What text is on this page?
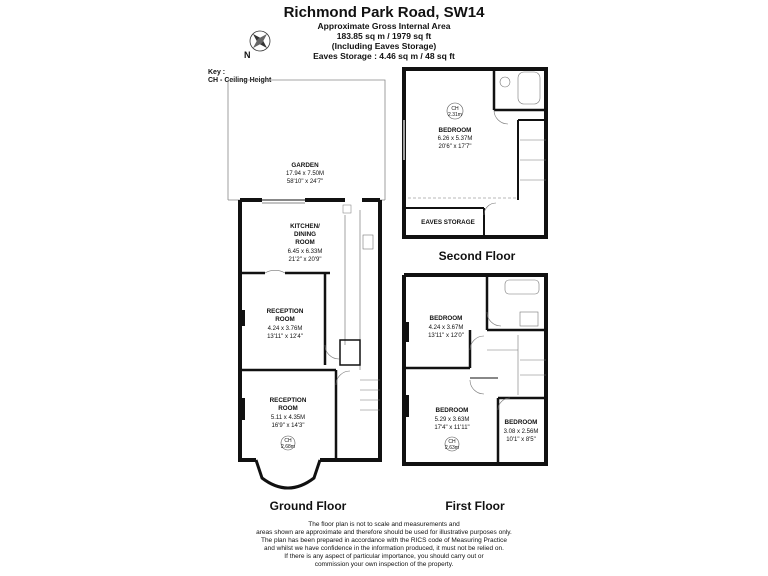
Richmond Park Road, SW14
Approximate Gross Internal Area
183.85 sq m / 1979 sq ft
(Including Eaves Storage)
Eaves Storage : 4.46 sq m / 48 sq ft
Key :
CH - Ceiling Height
N
GARDEN
17.94 x 7.50M
58'10" x 24'7"
KITCHEN/
DINING
ROOM
6.45 x 6.33M
21'2" x 20'9"
RECEPTION
ROOM
4.24 x 3.76M
13'11" x 12'4"
RECEPTION
ROOM
5.11 x 4.35M
16'9" x 14'3"
CH
2.68m
CH
2.31m
BEDROOM
6.26 x 5.37M
20'6" x 17'7"
EAVES STORAGE
BEDROOM
4.24 x 3.67M
13'11" x 12'0"
BEDROOM
5.29 x 3.63M
17'4" x 11'11"
CH
2.63m
BEDROOM
3.08 x 2.56M
10'1" x 8'5"
Ground Floor	First Floor
Second Floor
The floor plan is not to scale and measurements and
areas shown are approximate and therefore should be used for illustrative purposes only.
The plan has been prepared in accordance with the RICS code of Measuring Practice
and whilst we have confidence in the information produced, it must not be relied on.
If there is any aspect of particular importance, you should carry out or
commission your own inspection of the property.
